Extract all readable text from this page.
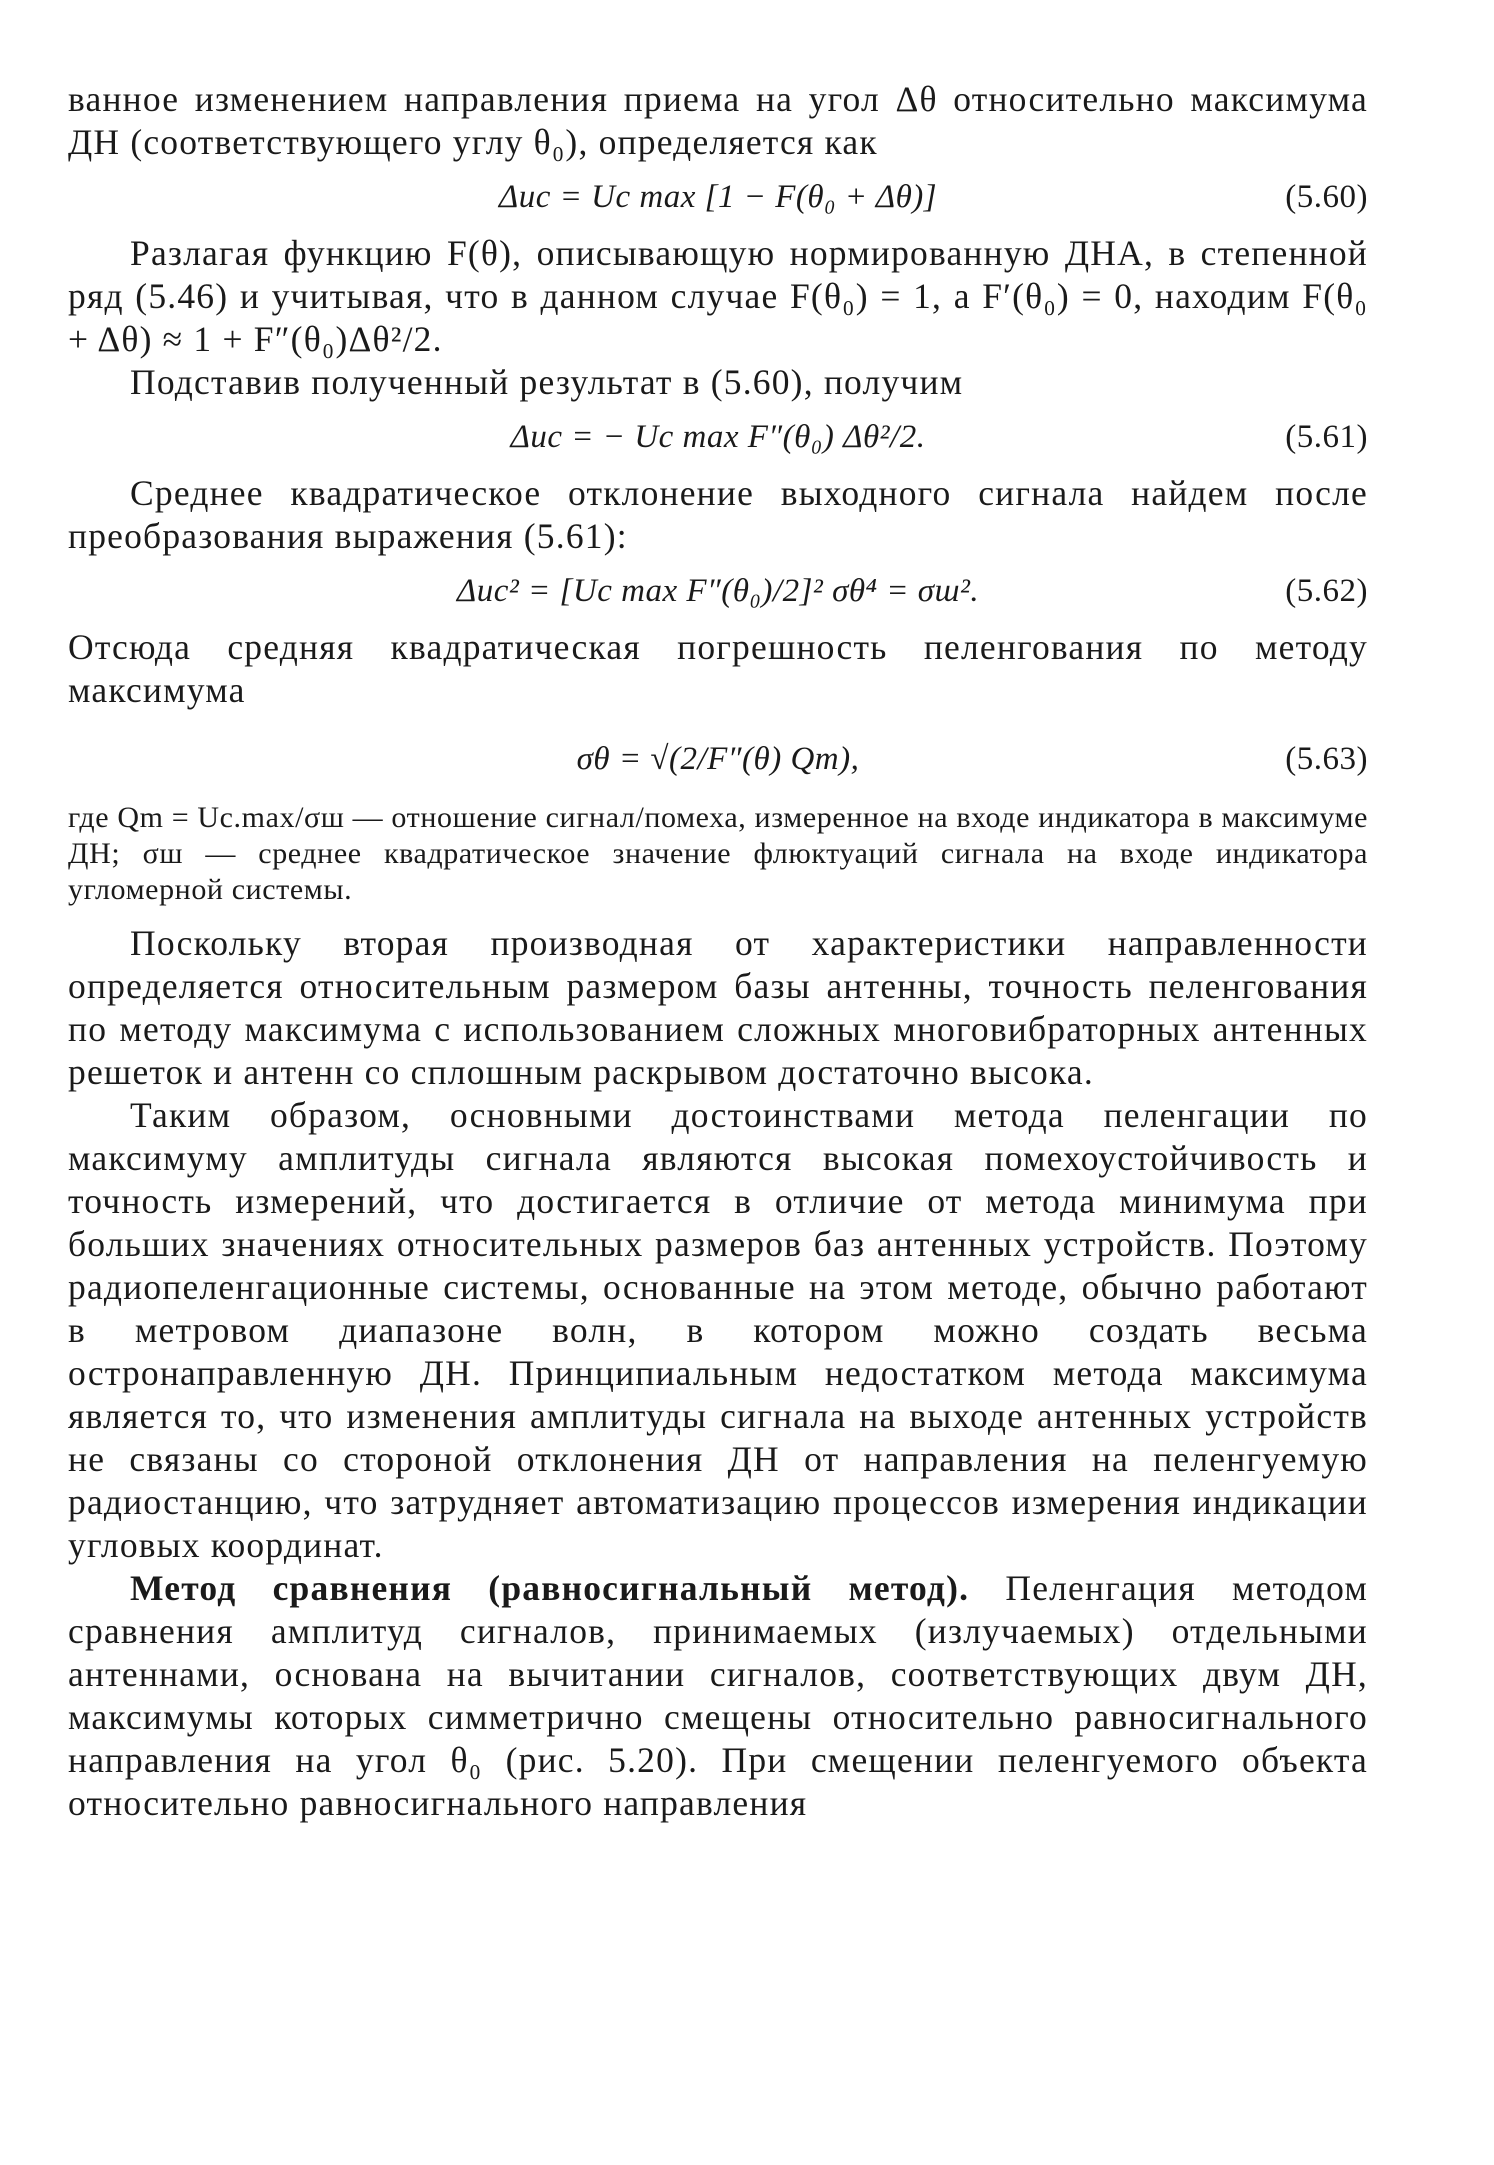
ванное изменением направления приема на угол Δθ относительно максимума ДН (соответствующего углу θ₀), определяется как

Δuс = Uс max [1 − F(θ₀ + Δθ)]	(5.60)

Разлагая функцию F(θ), описывающую нормированную ДНА, в степенной ряд (5.46) и учитывая, что в данном случае F(θ₀) = 1, а F′(θ₀) = 0, находим F(θ₀ + Δθ) ≈ 1 + F″(θ₀)Δθ²/2.

Подставив полученный результат в (5.60), получим

Δuс = − Uс max F″(θ₀) Δθ²/2.	(5.61)

Среднее квадратическое отклонение выходного сигнала найдем после преобразования выражения (5.61):

Δuс² = [Uс max F″(θ₀)/2]² σθ⁴ = σш².	(5.62)

Отсюда средняя квадратическая погрешность пеленгования по методу максимума

σθ = √(2/F″(θ) Qm),	(5.63)

где Qm = Uс.max/σш — отношение сигнал/помеха, измеренное на входе индикатора в максимуме ДН; σш — среднее квадратическое значение флюктуаций сигнала на входе индикатора угломерной системы.

Поскольку вторая производная от характеристики направленности определяется относительным размером базы антенны, точность пеленгования по методу максимума с использованием сложных многовибраторных антенных решеток и антенн со сплошным раскрывом достаточно высока.

Таким образом, основными достоинствами метода пеленгации по максимуму амплитуды сигнала являются высокая помехоустойчивость и точность измерений, что достигается в отличие от метода минимума при больших значениях относительных размеров баз антенных устройств. Поэтому радиопеленгационные системы, основанные на этом методе, обычно работают в метровом диапазоне волн, в котором можно создать весьма остронаправленную ДН. Принципиальным недостатком метода максимума является то, что изменения амплитуды сигнала на выходе антенных устройств не связаны со стороной отклонения ДН от направления на пеленгуемую радиостанцию, что затрудняет автоматизацию процессов измерения индикации угловых координат.

Метод сравнения (равносигнальный метод). Пеленгация методом сравнения амплитуд сигналов, принимаемых (излучаемых) отдельными антеннами, основана на вычитании сигналов, соответствующих двум ДН, максимумы которых симметрично смещены относительно равносигнального направления на угол θ₀ (рис. 5.20). При смещении пеленгуемого объекта относительно равносигнального направления
